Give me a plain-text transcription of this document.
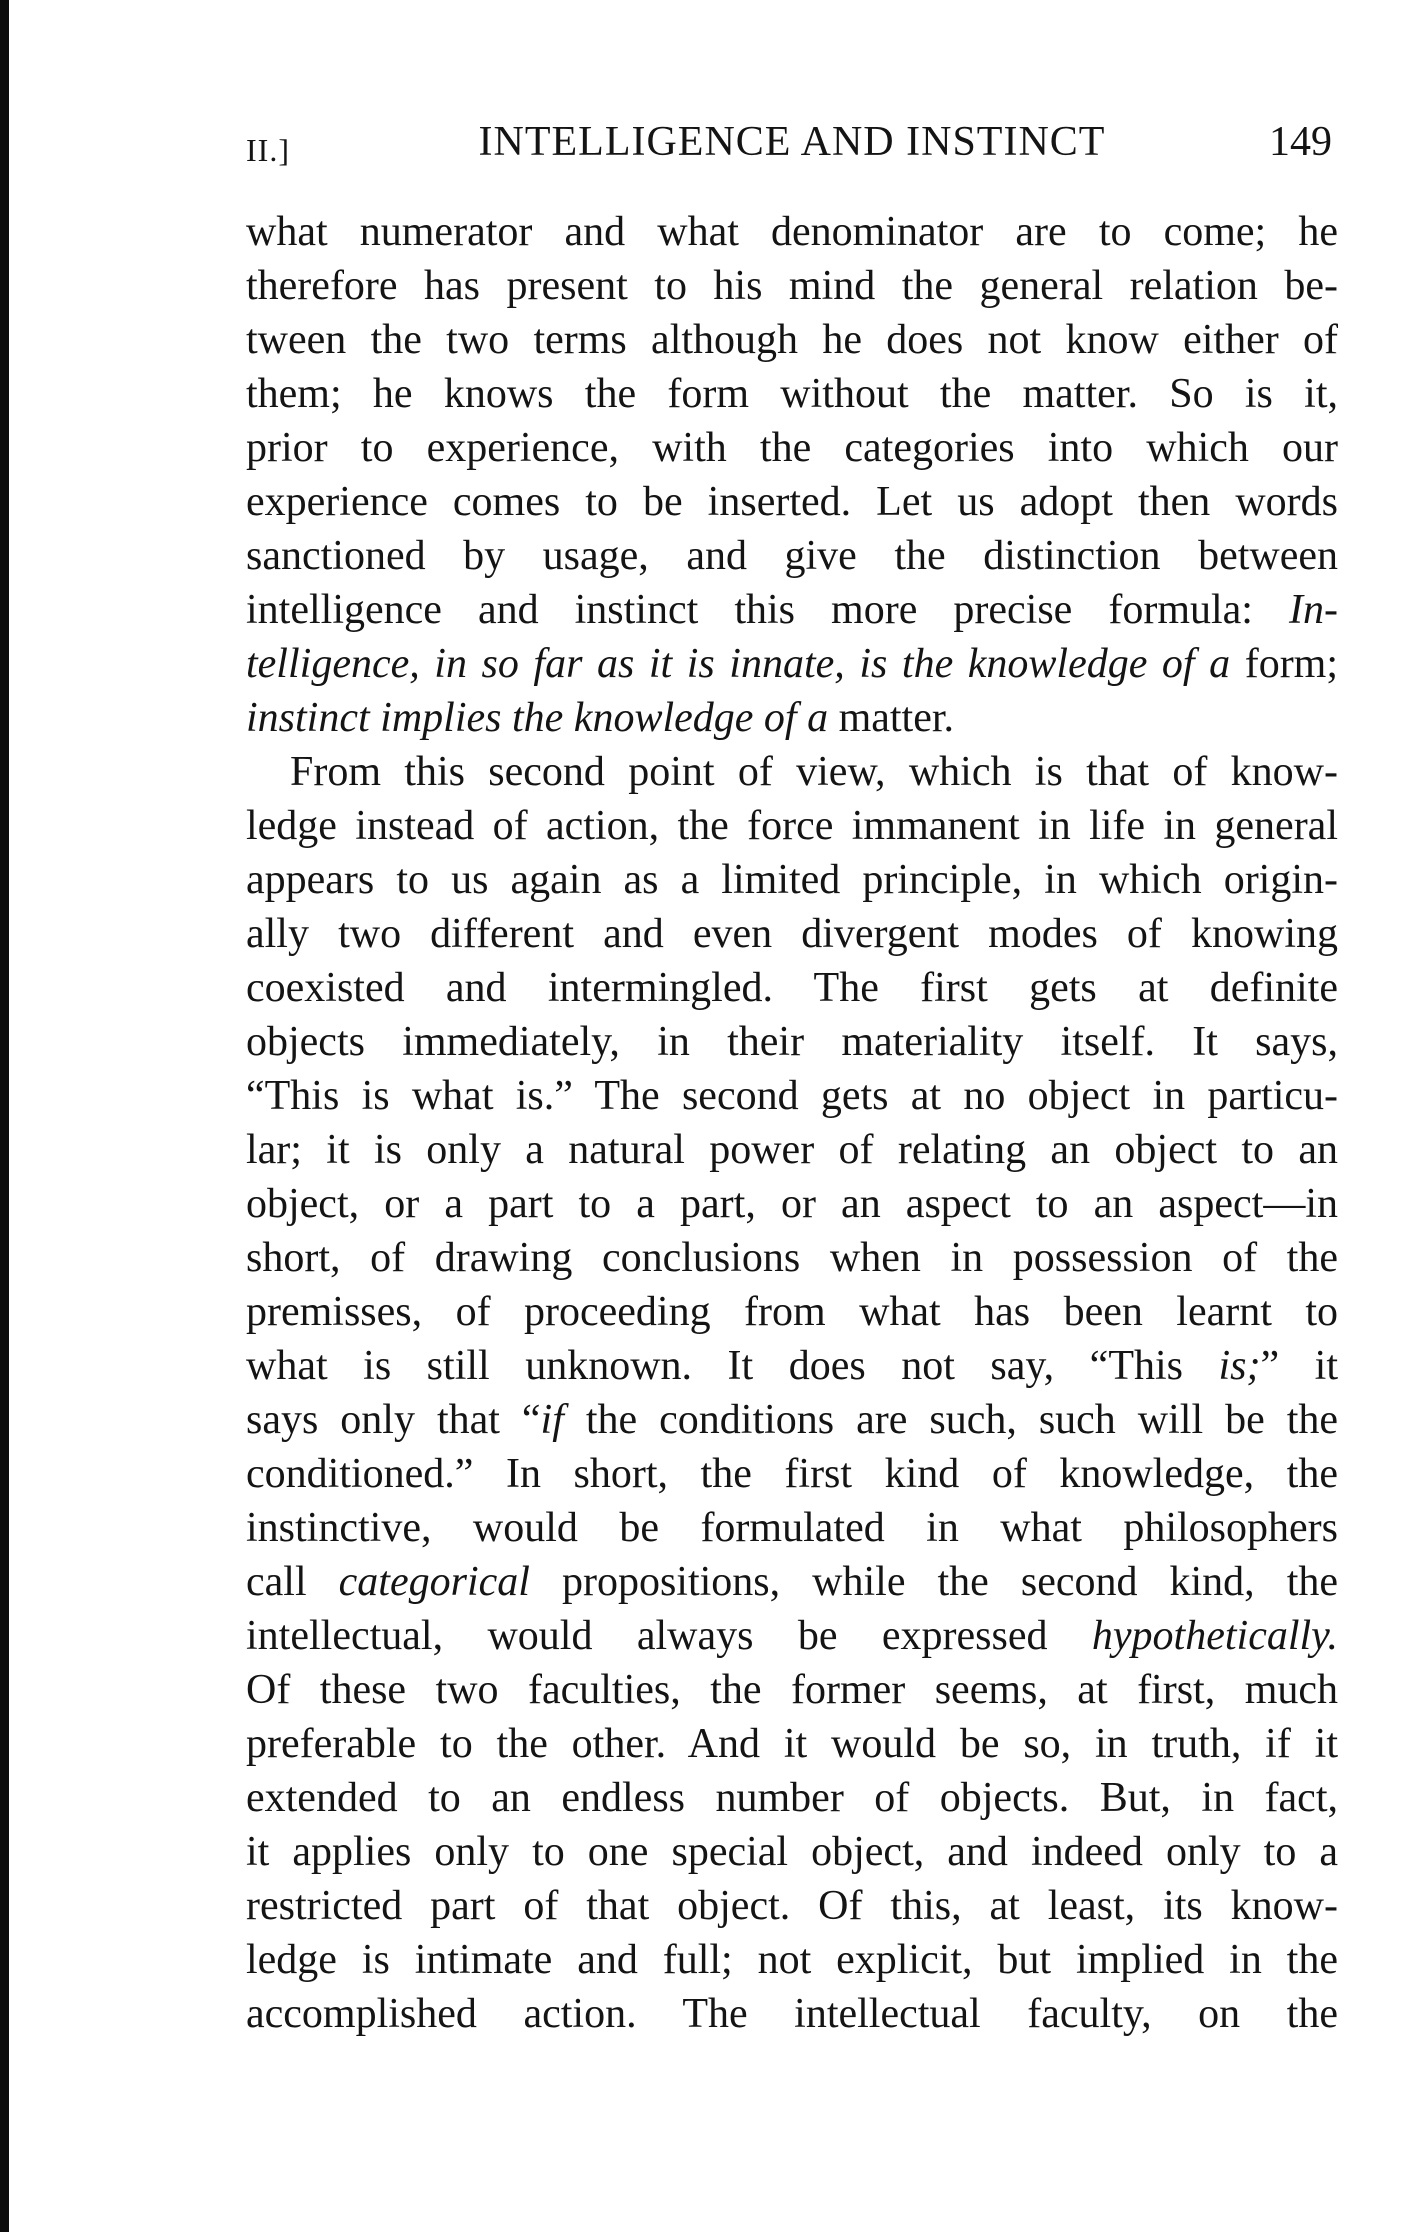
II.]	INTELLIGENCE AND INSTINCT	149
what numerator and what denominator are to come; he
therefore has present to his mind the general relation be-
tween the two terms although he does not know either of
them; he knows the form without the matter. So is it,
prior to experience, with the categories into which our
experience comes to be inserted. Let us adopt then words
sanctioned by usage, and give the distinction between
intelligence and instinct this more precise formula: In-
telligence, in so far as it is innate, is the knowledge of a form;
instinct implies the knowledge of a matter.
From this second point of view, which is that of know-
ledge instead of action, the force immanent in life in general
appears to us again as a limited principle, in which origin-
ally two different and even divergent modes of knowing
coexisted and intermingled. The first gets at definite
objects immediately, in their materiality itself. It says,
“This is what is.” The second gets at no object in particu-
lar; it is only a natural power of relating an object to an
object, or a part to a part, or an aspect to an aspect—in
short, of drawing conclusions when in possession of the
premisses, of proceeding from what has been learnt to
what is still unknown. It does not say, “This is;” it
says only that “if the conditions are such, such will be the
conditioned.” In short, the first kind of knowledge, the
instinctive, would be formulated in what philosophers
call categorical propositions, while the second kind, the
intellectual, would always be expressed hypothetically.
Of these two faculties, the former seems, at first, much
preferable to the other. And it would be so, in truth, if it
extended to an endless number of objects. But, in fact,
it applies only to one special object, and indeed only to a
restricted part of that object. Of this, at least, its know-
ledge is intimate and full; not explicit, but implied in the
accomplished action. The intellectual faculty, on the
